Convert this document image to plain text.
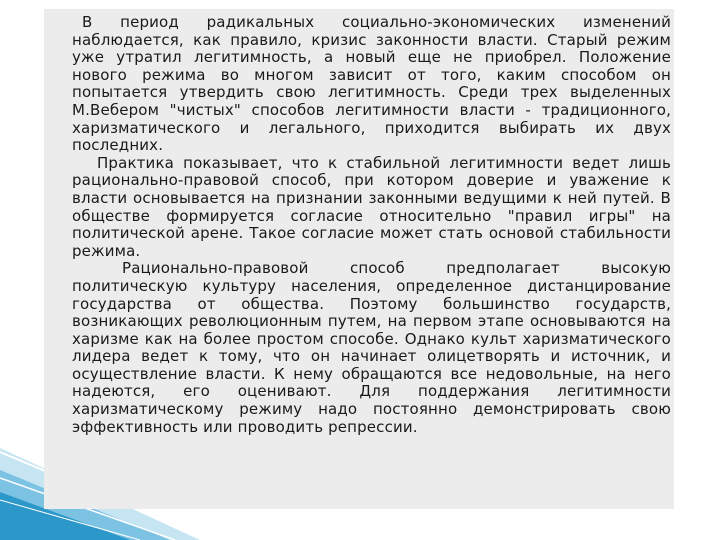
В период радикальных социально-экономических изменений наблюдается, как правило, кризис законности власти. Старый режим уже утратил легитимность, а новый еще не приобрел. Положение нового режима во многом зависит от того, каким способом он попытается утвердить свою легитимность. Среди трех выделенных М.Вебером "чистых" способов легитимности власти - традиционного, харизматического и легального, приходится выбирать их двух последних.

Практика показывает, что к стабильной легитимности ведет лишь рационально-правовой способ, при котором доверие и уважение к власти основывается на признании законными ведущими к ней путей. В обществе формируется согласие относительно "правил игры" на политической арене. Такое согласие может стать основой стабильности режима.

Рационально-правовой способ предполагает высокую политическую культуру населения, определенное дистанцирование государства от общества. Поэтому большинство государств, возникающих революционным путем, на первом этапе основываются на харизме как на более простом способе. Однако культ харизматического лидера ведет к тому, что он начинает олицетворять и источник, и осуществление власти. К нему обращаются все недовольные, на него надеются, его оценивают. Для поддержания легитимности харизматическому режиму надо постоянно демонстрировать свою эффективность или проводить репрессии.
